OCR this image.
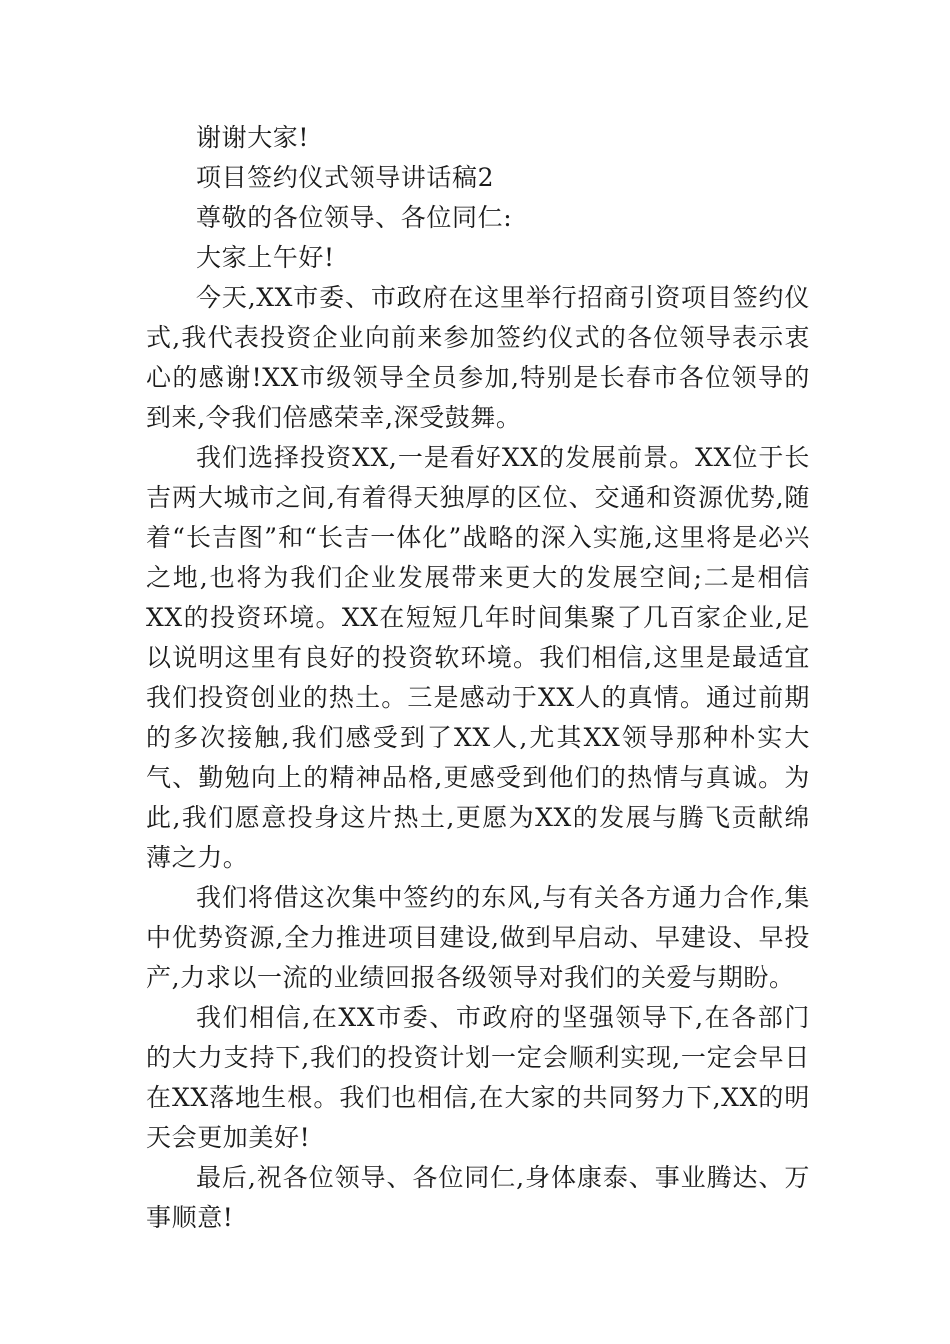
谢谢大家!

项目签约仪式领导讲话稿2

尊敬的各位领导、各位同仁:

大家上午好!

今天,XX市委、市政府在这里举行招商引资项目签约仪式,我代表投资企业向前来参加签约仪式的各位领导表示衷心的感谢!XX市级领导全员参加,特别是长春市各位领导的到来,令我们倍感荣幸,深受鼓舞。

我们选择投资XX,一是看好XX的发展前景。XX位于长吉两大城市之间,有着得天独厚的区位、交通和资源优势,随着“长吉图”和“长吉一体化”战略的深入实施,这里将是必兴之地,也将为我们企业发展带来更大的发展空间;二是相信XX的投资环境。XX在短短几年时间集聚了几百家企业,足以说明这里有良好的投资软环境。我们相信,这里是最适宜我们投资创业的热土。三是感动于XX人的真情。通过前期的多次接触,我们感受到了XX人,尤其XX领导那种朴实大气、勤勉向上的精神品格,更感受到他们的热情与真诚。为此,我们愿意投身这片热土,更愿为XX的发展与腾飞贡献绵薄之力。

我们将借这次集中签约的东风,与有关各方通力合作,集中优势资源,全力推进项目建设,做到早启动、早建设、早投产,力求以一流的业绩回报各级领导对我们的关爱与期盼。

我们相信,在XX市委、市政府的坚强领导下,在各部门的大力支持下,我们的投资计划一定会顺利实现,一定会早日在XX落地生根。我们也相信,在大家的共同努力下,XX的明天会更加美好!

最后,祝各位领导、各位同仁,身体康泰、事业腾达、万事顺意!
